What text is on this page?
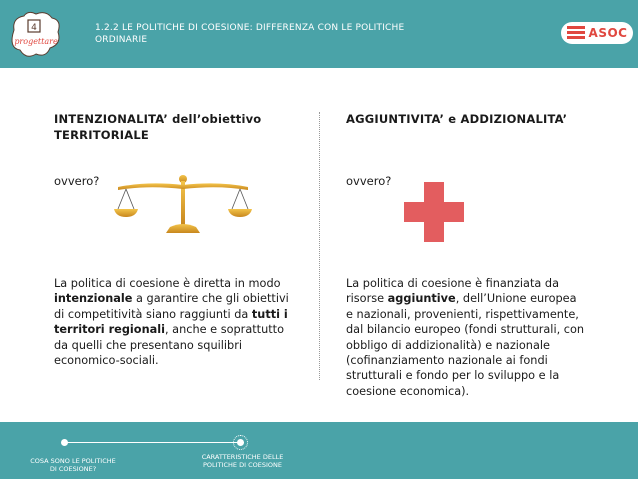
4
progettare
1.2.2 LE POLITICHE DI COESIONE: DIFFERENZA CON LE POLITICHE ORDINARIE	ASOC
INTENZIONALITA’ dell’obiettivo TERRITORIALE
ovvero?
La politica di coesione è diretta in modo intenzionale a garantire che gli obiettivi di competitività siano raggiunti da tutti i territori regionali, anche e soprattutto da quelli che presentano squilibri economico-sociali.
AGGIUNTIVITA’ e ADDIZIONALITA’
ovvero?
La politica di coesione è finanziata da risorse aggiuntive, dell’Unione europea e nazionali, provenienti, rispettivamente, dal bilancio europeo (fondi strutturali, con obbligo di addizionalità) e nazionale (cofinanziamento nazionale ai fondi strutturali e fondo per lo sviluppo e la coesione economica).
COSA SONO LE POLITICHE DI COESIONE?
CARATTERISTICHE DELLE POLITICHE DI COESIONE
